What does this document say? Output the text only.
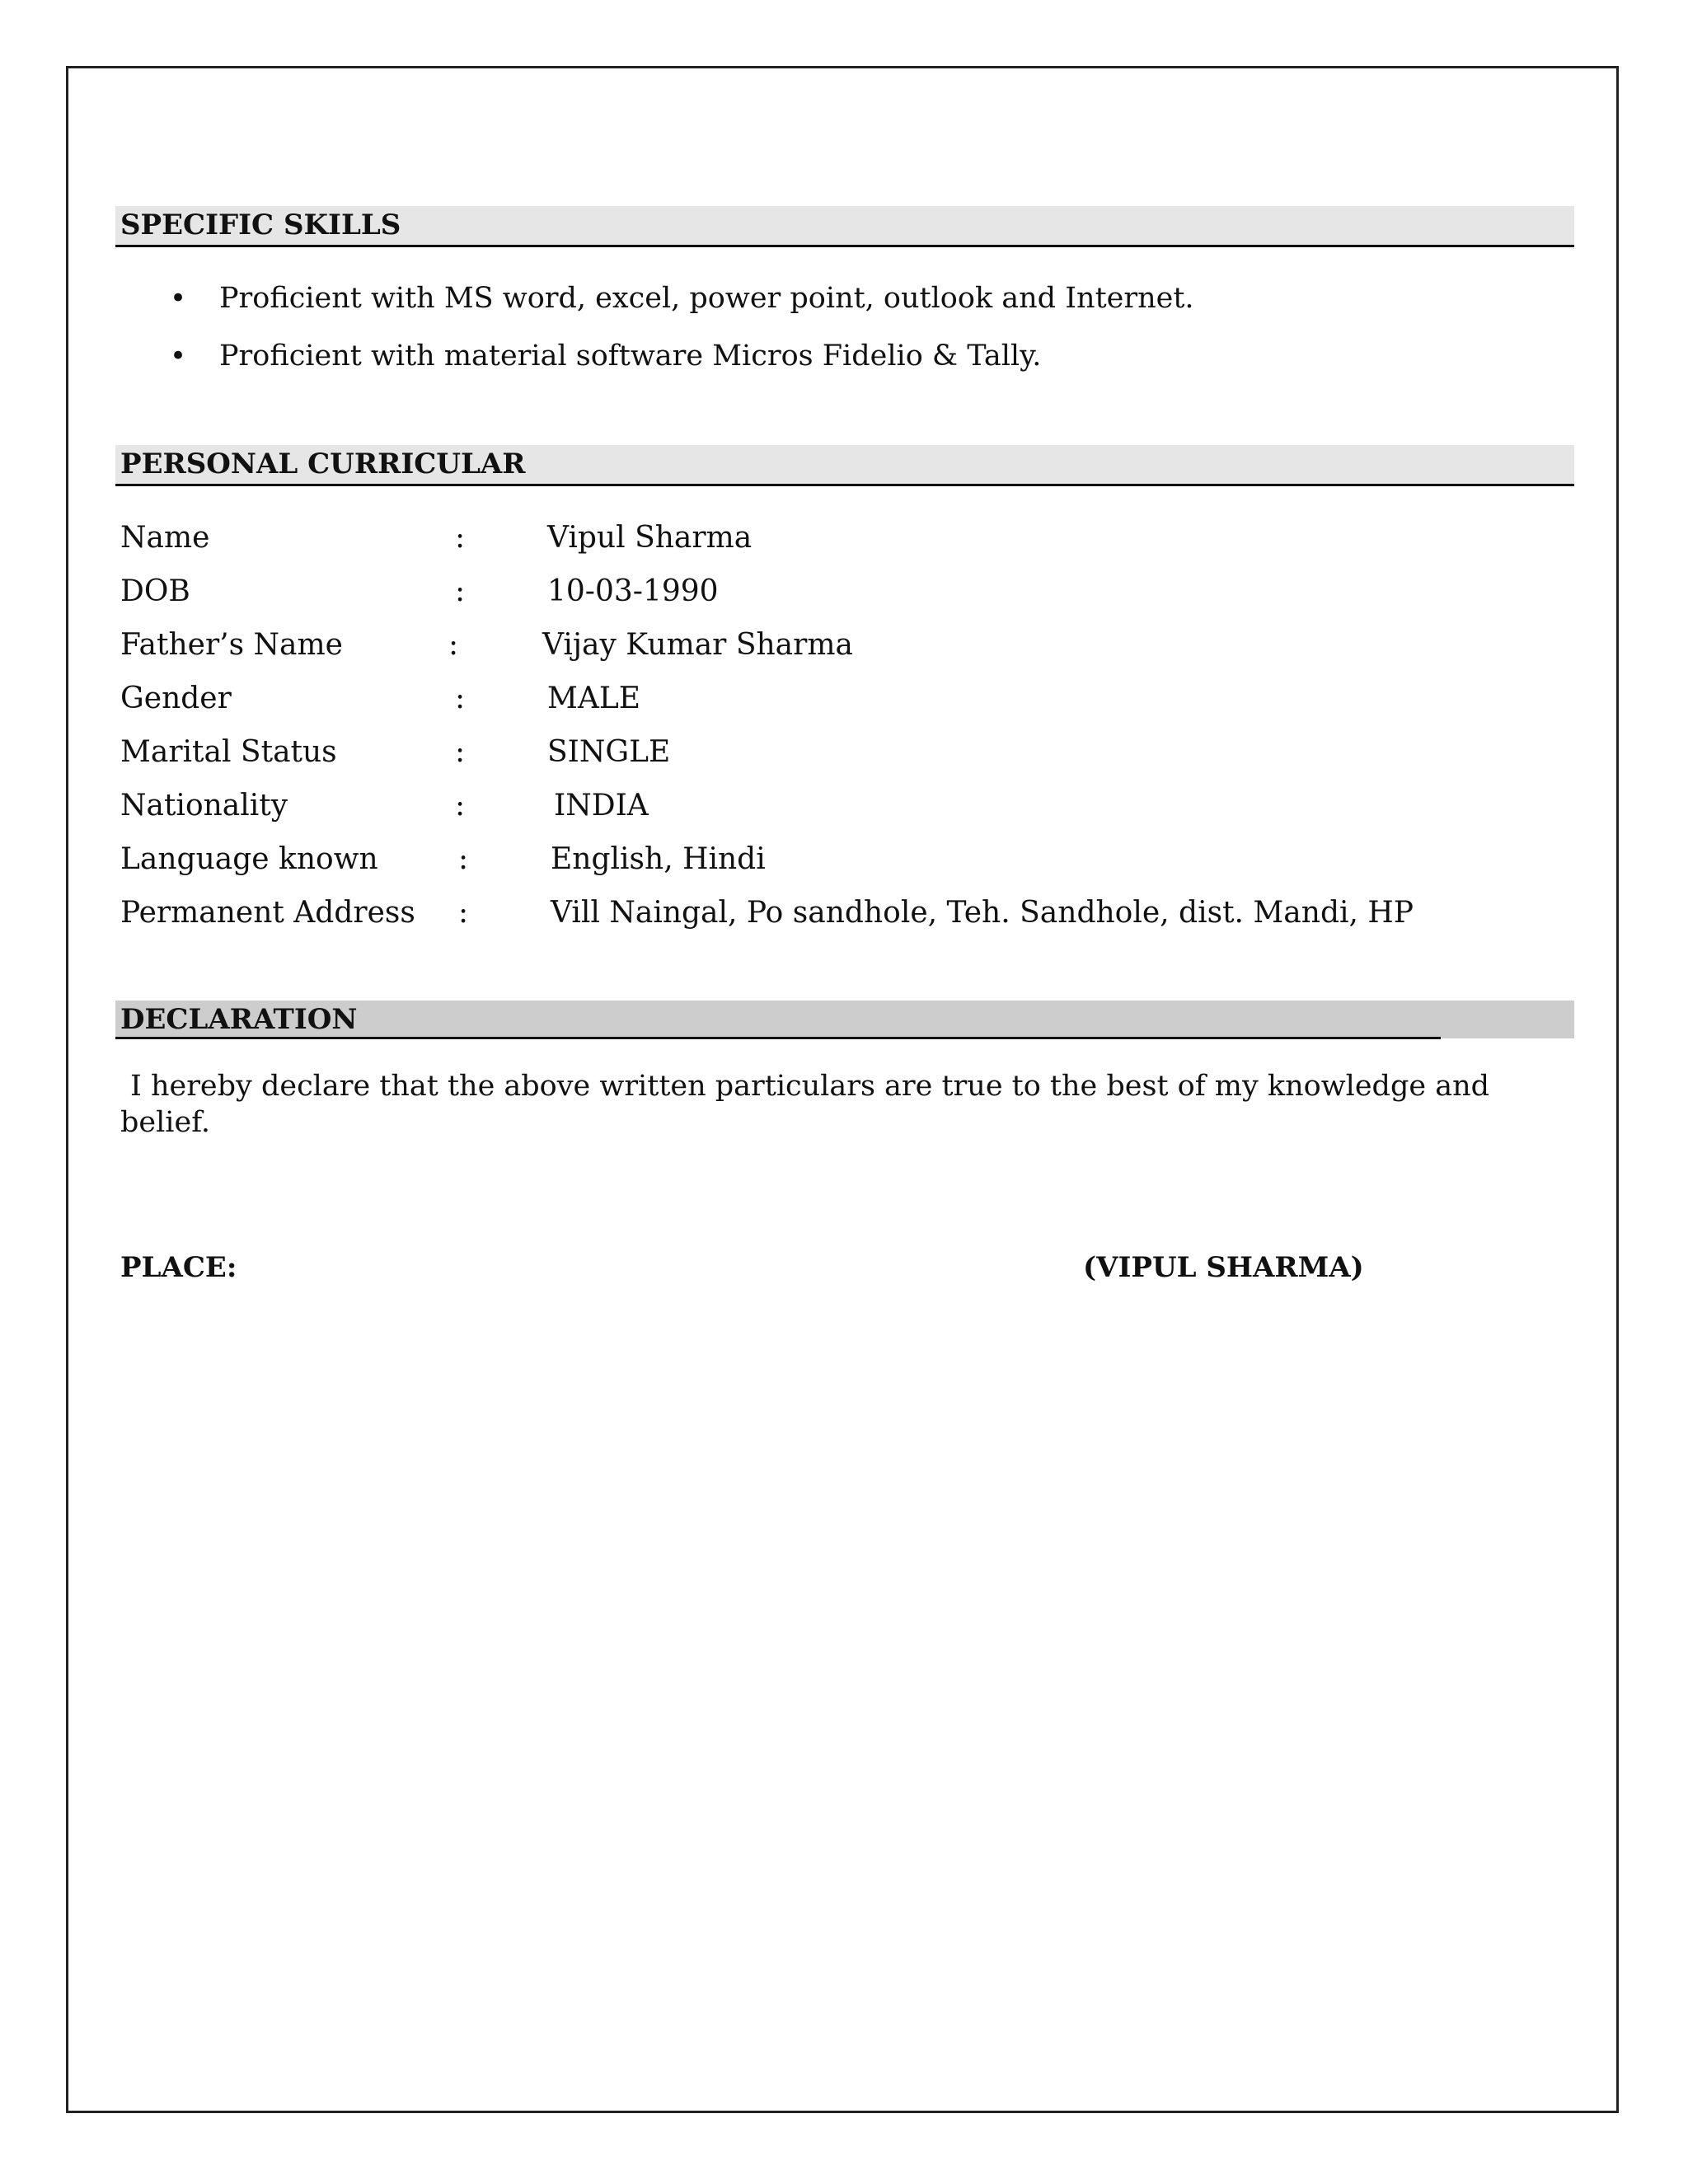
SPECIFIC SKILLS
• Proficient with MS word, excel, power point, outlook and Internet.
• Proficient with material software Micros Fidelio & Tally.
PERSONAL CURRICULAR
Name	:	Vipul Sharma
DOB	:	10-03-1990
Father’s Name	:	Vijay Kumar Sharma
Gender	:	MALE
Marital Status	:	SINGLE
Nationality	:	INDIA
Language known	:	English, Hindi
Permanent Address :	Vill Naingal, Po sandhole, Teh. Sandhole, dist. Mandi, HP
DECLARATION
I hereby declare that the above written particulars are true to the best of my knowledge and belief.
PLACE:	(VIPUL SHARMA)
